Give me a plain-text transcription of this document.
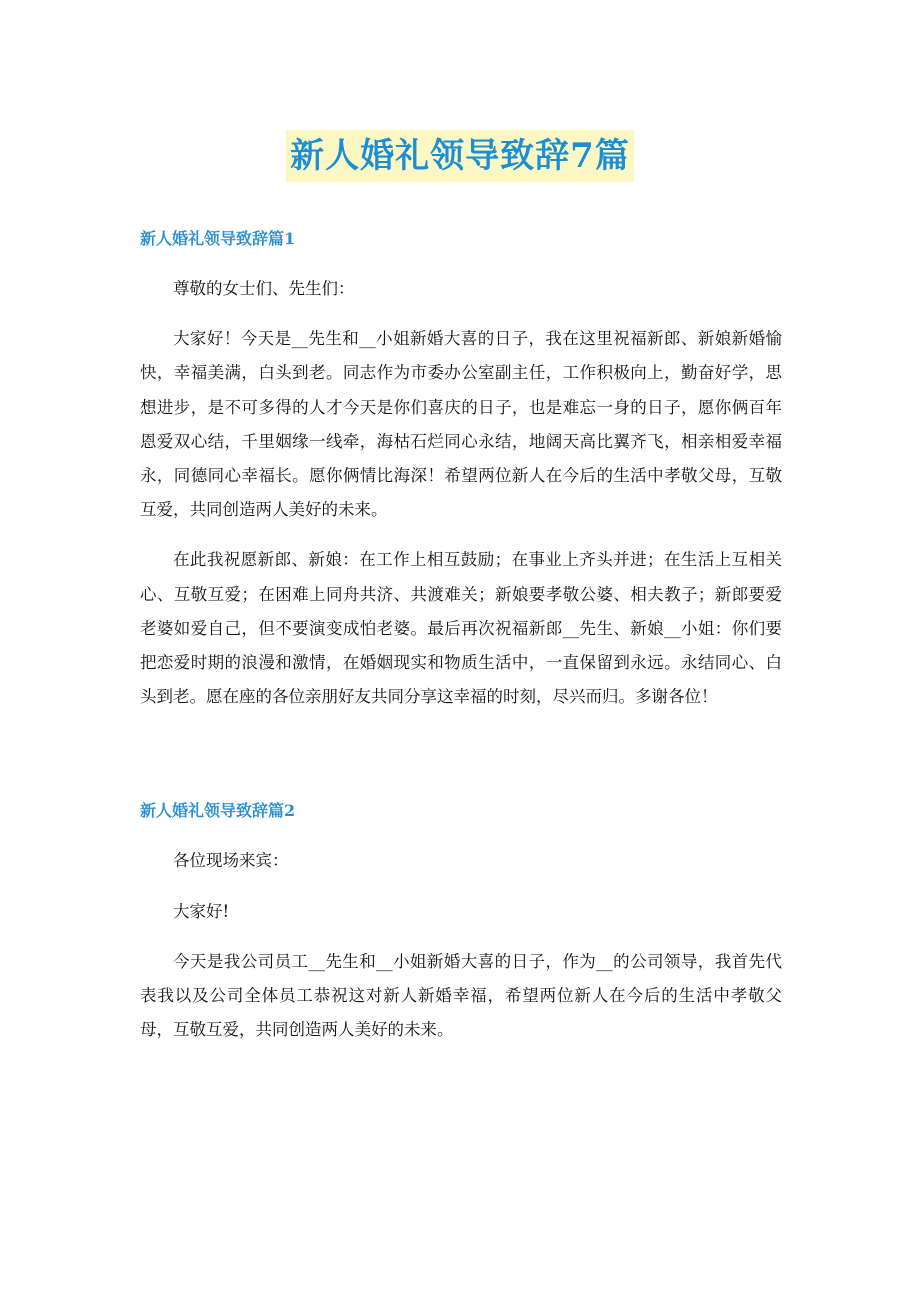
新人婚礼领导致辞7篇
新人婚礼领导致辞篇1

尊敬的女士们、先生们：

大家好！今天是__先生和__小姐新婚大喜的日子，我在这里祝福新郎、新娘新婚愉快，幸福美满，白头到老。同志作为市委办公室副主任，工作积极向上，勤奋好学，思想进步，是不可多得的人才今天是你们喜庆的日子，也是难忘一身的日子，愿你俩百年恩爱双心结，千里姻缘一线牵，海枯石烂同心永结，地阔天高比翼齐飞，相亲相爱幸福永，同德同心幸福长。愿你俩情比海深！希望两位新人在今后的生活中孝敬父母，互敬互爱，共同创造两人美好的未来。

在此我祝愿新郎、新娘：在工作上相互鼓励；在事业上齐头并进；在生活上互相关心、互敬互爱；在困难上同舟共济、共渡难关；新娘要孝敬公婆、相夫教子；新郎要爱老婆如爱自己，但不要演变成怕老婆。最后再次祝福新郎__先生、新娘__小姐：你们要把恋爱时期的浪漫和激情，在婚姻现实和物质生活中，一直保留到永远。永结同心、白头到老。愿在座的各位亲朋好友共同分享这幸福的时刻，尽兴而归。多谢各位！

新人婚礼领导致辞篇2

各位现场来宾：

大家好!

今天是我公司员工__先生和__小姐新婚大喜的日子，作为__的公司领导，我首先代表我以及公司全体员工恭祝这对新人新婚幸福，希望两位新人在今后的生活中孝敬父母，互敬互爱，共同创造两人美好的未来。
